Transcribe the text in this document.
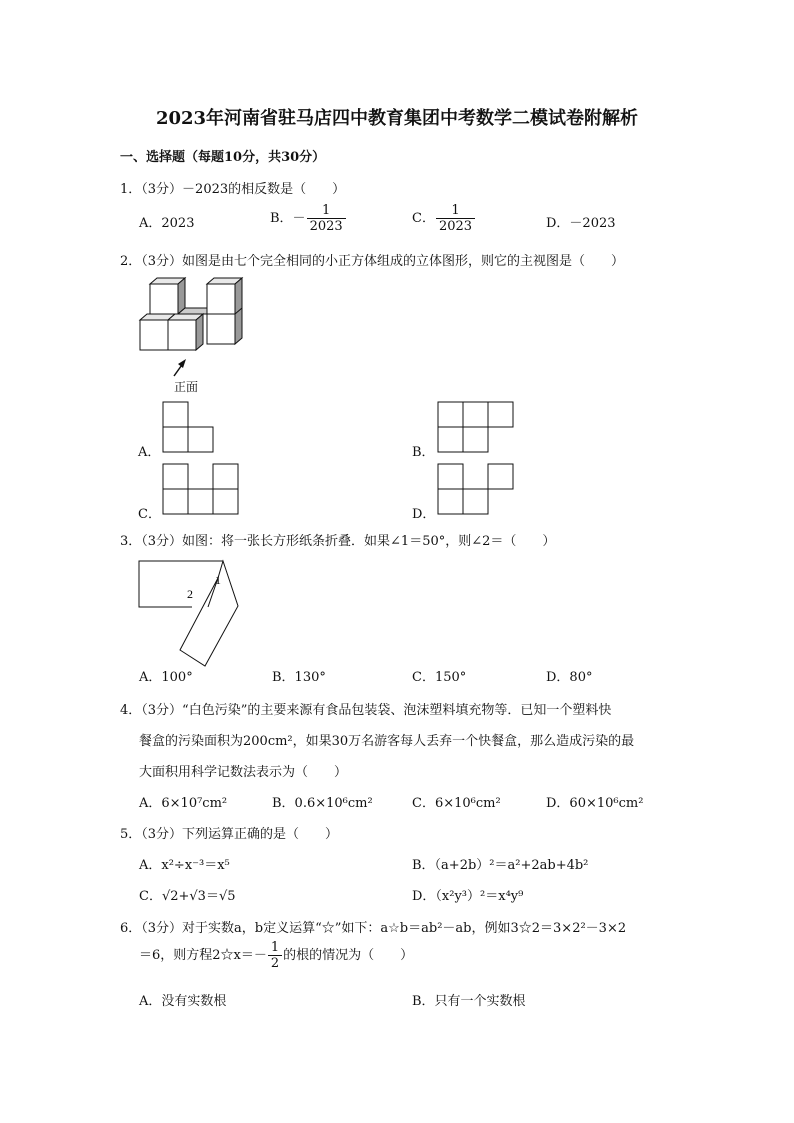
2023年河南省驻马店四中教育集团中考数学二模试卷附解析
一、选择题（每题10分，共30分）
1．（3分）－2023的相反数是（　　）
A．2023	B．－ $\frac{1}{2023}$	C． $\frac{1}{2023}$	D．－2023
2．（3分）如图是由七个完全相同的小正方体组成的立体图形，则它的主视图是（　　）
正面
A．	B．
C．	D．
3．（3分）如图：将一张长方形纸条折叠．如果∠1＝50°，则∠2＝（　　）
1
2
A．100°	B．130°	C．150°	D．80°
4．（3分）“白色污染”的主要来源有食品包装袋、泡沫塑料填充物等．已知一个塑料快
餐盒的污染面积为200cm²，如果30万名游客每人丢弃一个快餐盒，那么造成污染的最
大面积用科学记数法表示为（　　）
A．6×10⁷cm²	B．0.6×10⁶cm²	C．6×10⁶cm²	D．60×10⁶cm²
5．（3分）下列运算正确的是（　　）
A．x²÷x⁻³＝x⁵	B．（a+2b）²＝a²+2ab+4b²
C．√2+√3＝√5	D．（x²y³）²＝x⁴y⁹
6．（3分）对于实数a，b定义运算“☆”如下：a☆b＝ab²－ab，例如3☆2＝3×2²－3×2
＝6，则方程2☆x＝－ $\frac{1}{2}$ 的根的情况为（　　）
A．没有实数根	B．只有一个实数根
